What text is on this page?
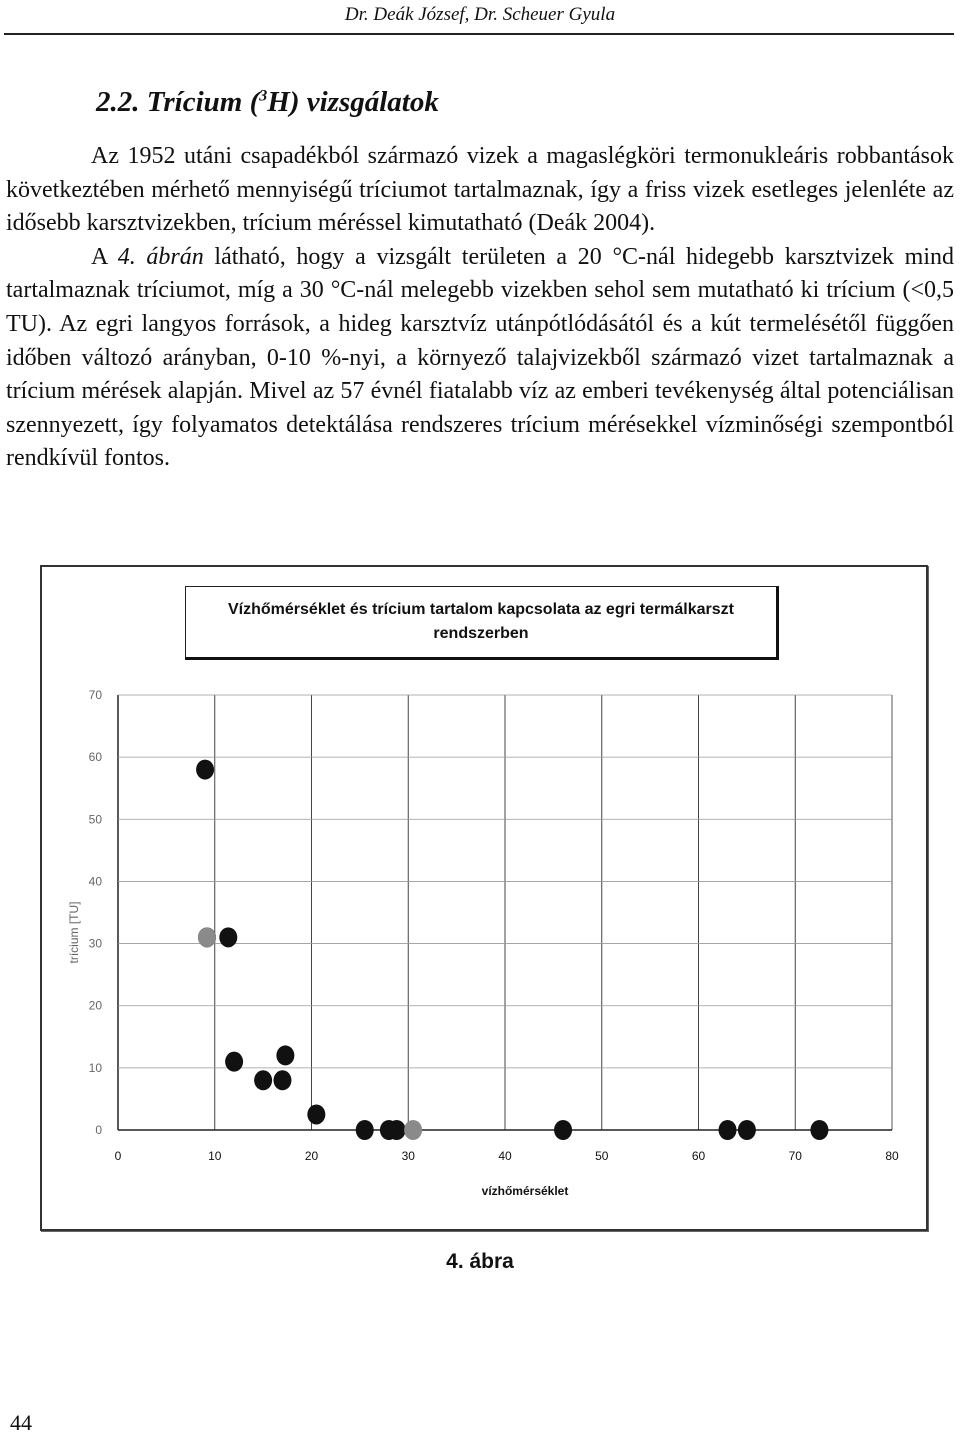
Dr. Deák József, Dr. Scheuer Gyula
2.2. Trícium ($^3$H) vizsgálatok

Az 1952 utáni csapadékból származó vizek a magaslégköri termonukleáris robbantások következtében mérhető mennyiségű tríciumot tartalmaznak, így a friss vizek esetleges jelenléte az idősebb karsztvizekben, trícium méréssel kimutatható (Deák 2004).

A 4. ábrán látható, hogy a vizsgált területen a 20 °C-nál hidegebb karsztvizek mind tartalmaznak tríciumot, míg a 30 °C-nál melegebb vizekben sehol sem mutatható ki trícium (<0,5 TU). Az egri langyos források, a hideg karsztvíz utánpótlódásától és a kút termelésétől függően időben változó arányban, 0-10 %-nyi, a környező talajvizekből származó vizet tartalmaznak a trícium mérések alapján. Mivel az 57 évnél fiatalabb víz az emberi tevékenység által potenciálisan szennyezett, így folyamatos detektálása rendszeres trícium mérésekkel vízminőségi szempontból rendkívül fontos.

0
10
20
30
40
50
60
70
0	10	20	30	40	50	60	70	80
vízhőmérséklet
trícium [TU]
Vízhőmérséklet és trícium tartalom kapcsolata az egri termálkarszt
rendszerben
4. ábra
44
